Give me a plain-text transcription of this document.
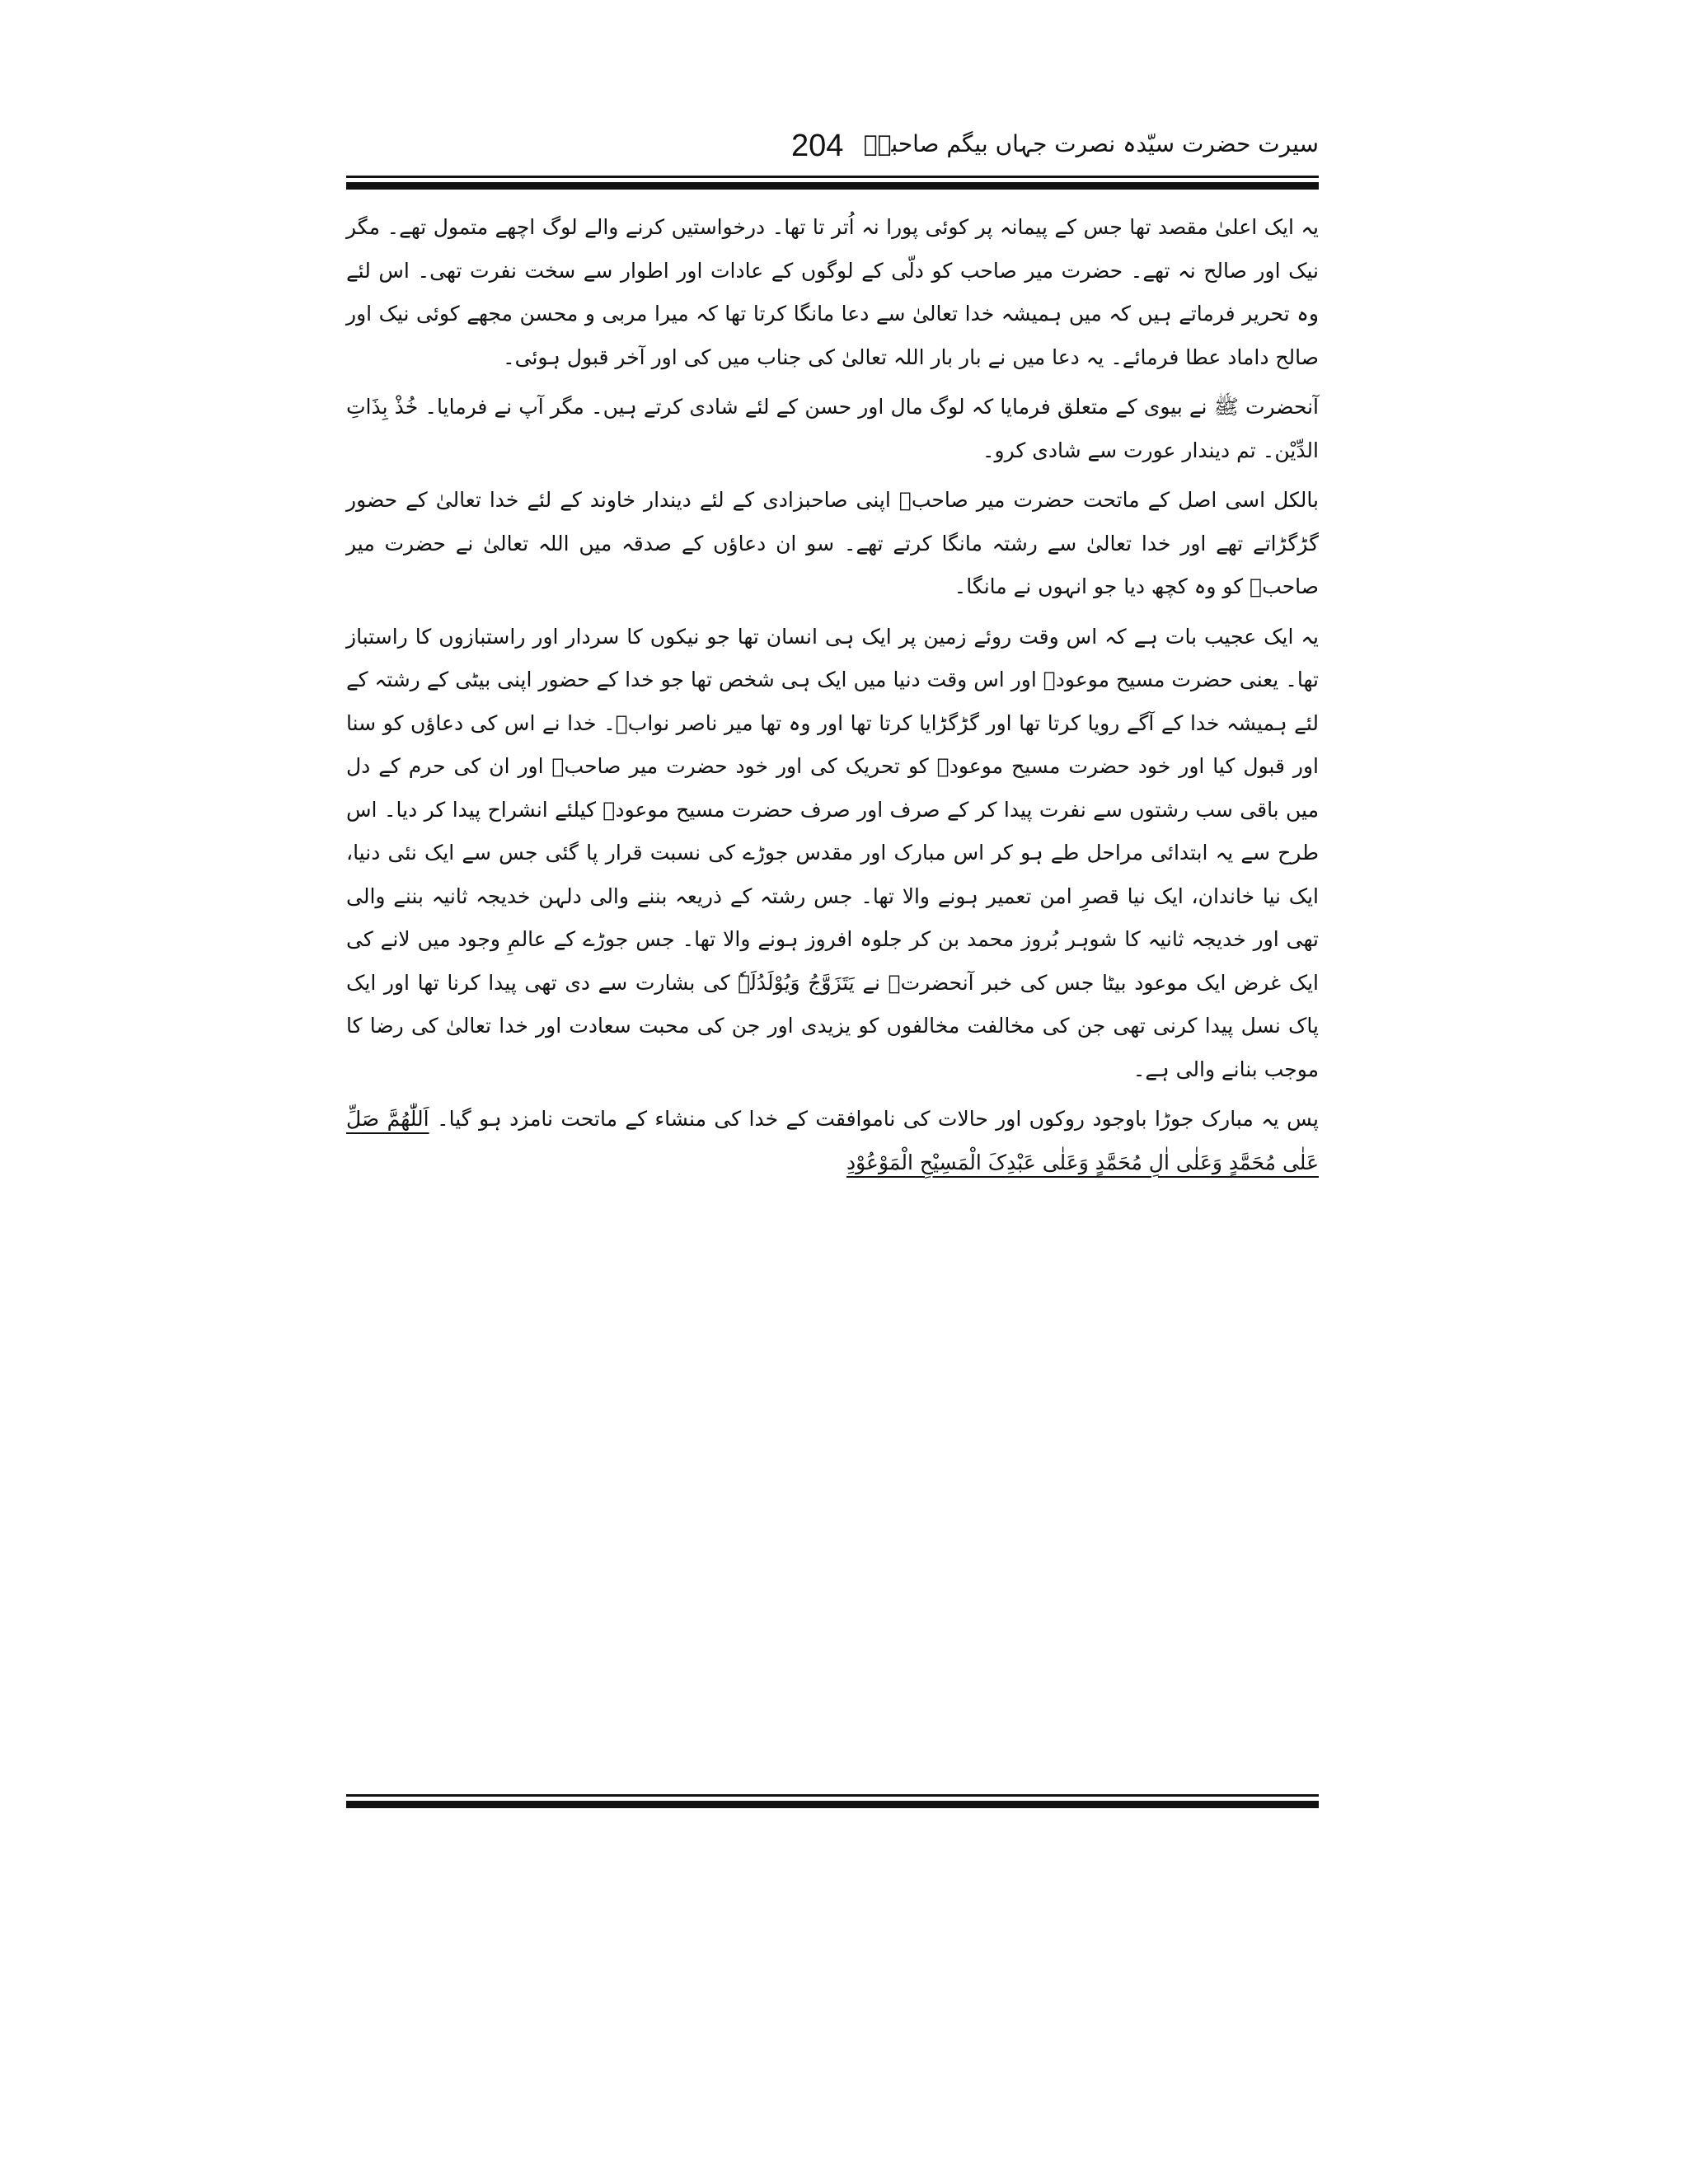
سیرت حضرت سیّدہ نصرت جہاں بیگم صاحبہؓ
204

یہ ایک اعلیٰ مقصد تھا جس کے پیمانہ پر کوئی پورا نہ اُتر تا تھا۔ درخواستیں کرنے والے لوگ اچھے متمول تھے۔ مگر نیک اور صالح نہ تھے۔ حضرت میر صاحب کو دلّی کے لوگوں کے عادات اور اطوار سے سخت نفرت تھی۔ اس لئے وہ تحریر فرماتے ہیں کہ میں ہمیشہ خدا تعالیٰ سے دعا مانگا کرتا تھا کہ میرا مربی و محسن مجھے کوئی نیک اور صالح داماد عطا فرمائے۔ یہ دعا میں نے بار بار اللہ تعالیٰ کی جناب میں کی اور آخر قبول ہوئی۔

آنحضرت ﷺ نے بیوی کے متعلق فرمایا کہ لوگ مال اور حسن کے لئے شادی کرتے ہیں۔ مگر آپ نے فرمایا۔ خُذْ بِذَاتِ الدِّیْن۔ تم دیندار عورت سے شادی کرو۔

بالکل اسی اصل کے ماتحت حضرت میر صاحبؓ اپنی صاحبزادی کے لئے دیندار خاوند کے لئے خدا تعالیٰ کے حضور گڑگڑاتے تھے اور خدا تعالیٰ سے رشتہ مانگا کرتے تھے۔ سو ان دعاؤں کے صدقہ میں اللہ تعالیٰ نے حضرت میر صاحبؓ کو وہ کچھ دیا جو انہوں نے مانگا۔

یہ ایک عجیب بات ہے کہ اس وقت روئے زمین پر ایک ہی انسان تھا جو نیکوں کا سردار اور راستبازوں کا راستباز تھا۔ یعنی حضرت مسیح موعودؑ اور اس وقت دنیا میں ایک ہی شخص تھا جو خدا کے حضور اپنی بیٹی کے رشتہ کے لئے ہمیشہ خدا کے آگے رویا کرتا تھا اور گڑگڑایا کرتا تھا اور وہ تھا میر ناصر نوابؓ۔ خدا نے اس کی دعاؤں کو سنا اور قبول کیا اور خود حضرت مسیح موعودؑ کو تحریک کی اور خود حضرت میر صاحبؓ اور ان کی حرم کے دل میں باقی سب رشتوں سے نفرت پیدا کر کے صرف اور صرف حضرت مسیح موعودؑ کیلئے انشراح پیدا کر دیا۔ اس طرح سے یہ ابتدائی مراحل طے ہو کر اس مبارک اور مقدس جوڑے کی نسبت قرار پا گئی جس سے ایک نئی دنیا، ایک نیا خاندان، ایک نیا قصرِ امن تعمیر ہونے والا تھا۔ جس رشتہ کے ذریعہ بننے والی دلہن خدیجہ ثانیہ بننے والی تھی اور خدیجہ ثانیہ کا شوہر بُروز محمد بن کر جلوہ افروز ہونے والا تھا۔ جس جوڑے کے عالمِ وجود میں لانے کی ایک غرض ایک موعود بیٹا جس کی خبر آنحضرتؐ نے یَتَزَوَّجُ وَیُوْلَدُلَہٗ کی بشارت سے دی تھی پیدا کرنا تھا اور ایک پاک نسل پیدا کرنی تھی جن کی مخالفت مخالفوں کو یزیدی اور جن کی محبت سعادت اور خدا تعالیٰ کی رضا کا موجب بنانے والی ہے۔

پس یہ مبارک جوڑا باوجود روکوں اور حالات کی ناموافقت کے خدا کی منشاء کے ماتحت نامزد ہو گیا۔ اَللّٰھُمَّ صَلِّ عَلٰی مُحَمَّدٍ وَعَلٰی اٰلِ مُحَمَّدٍ وَعَلٰی عَبْدِکَ الْمَسِیْحِ الْمَوْعُوْدِ
